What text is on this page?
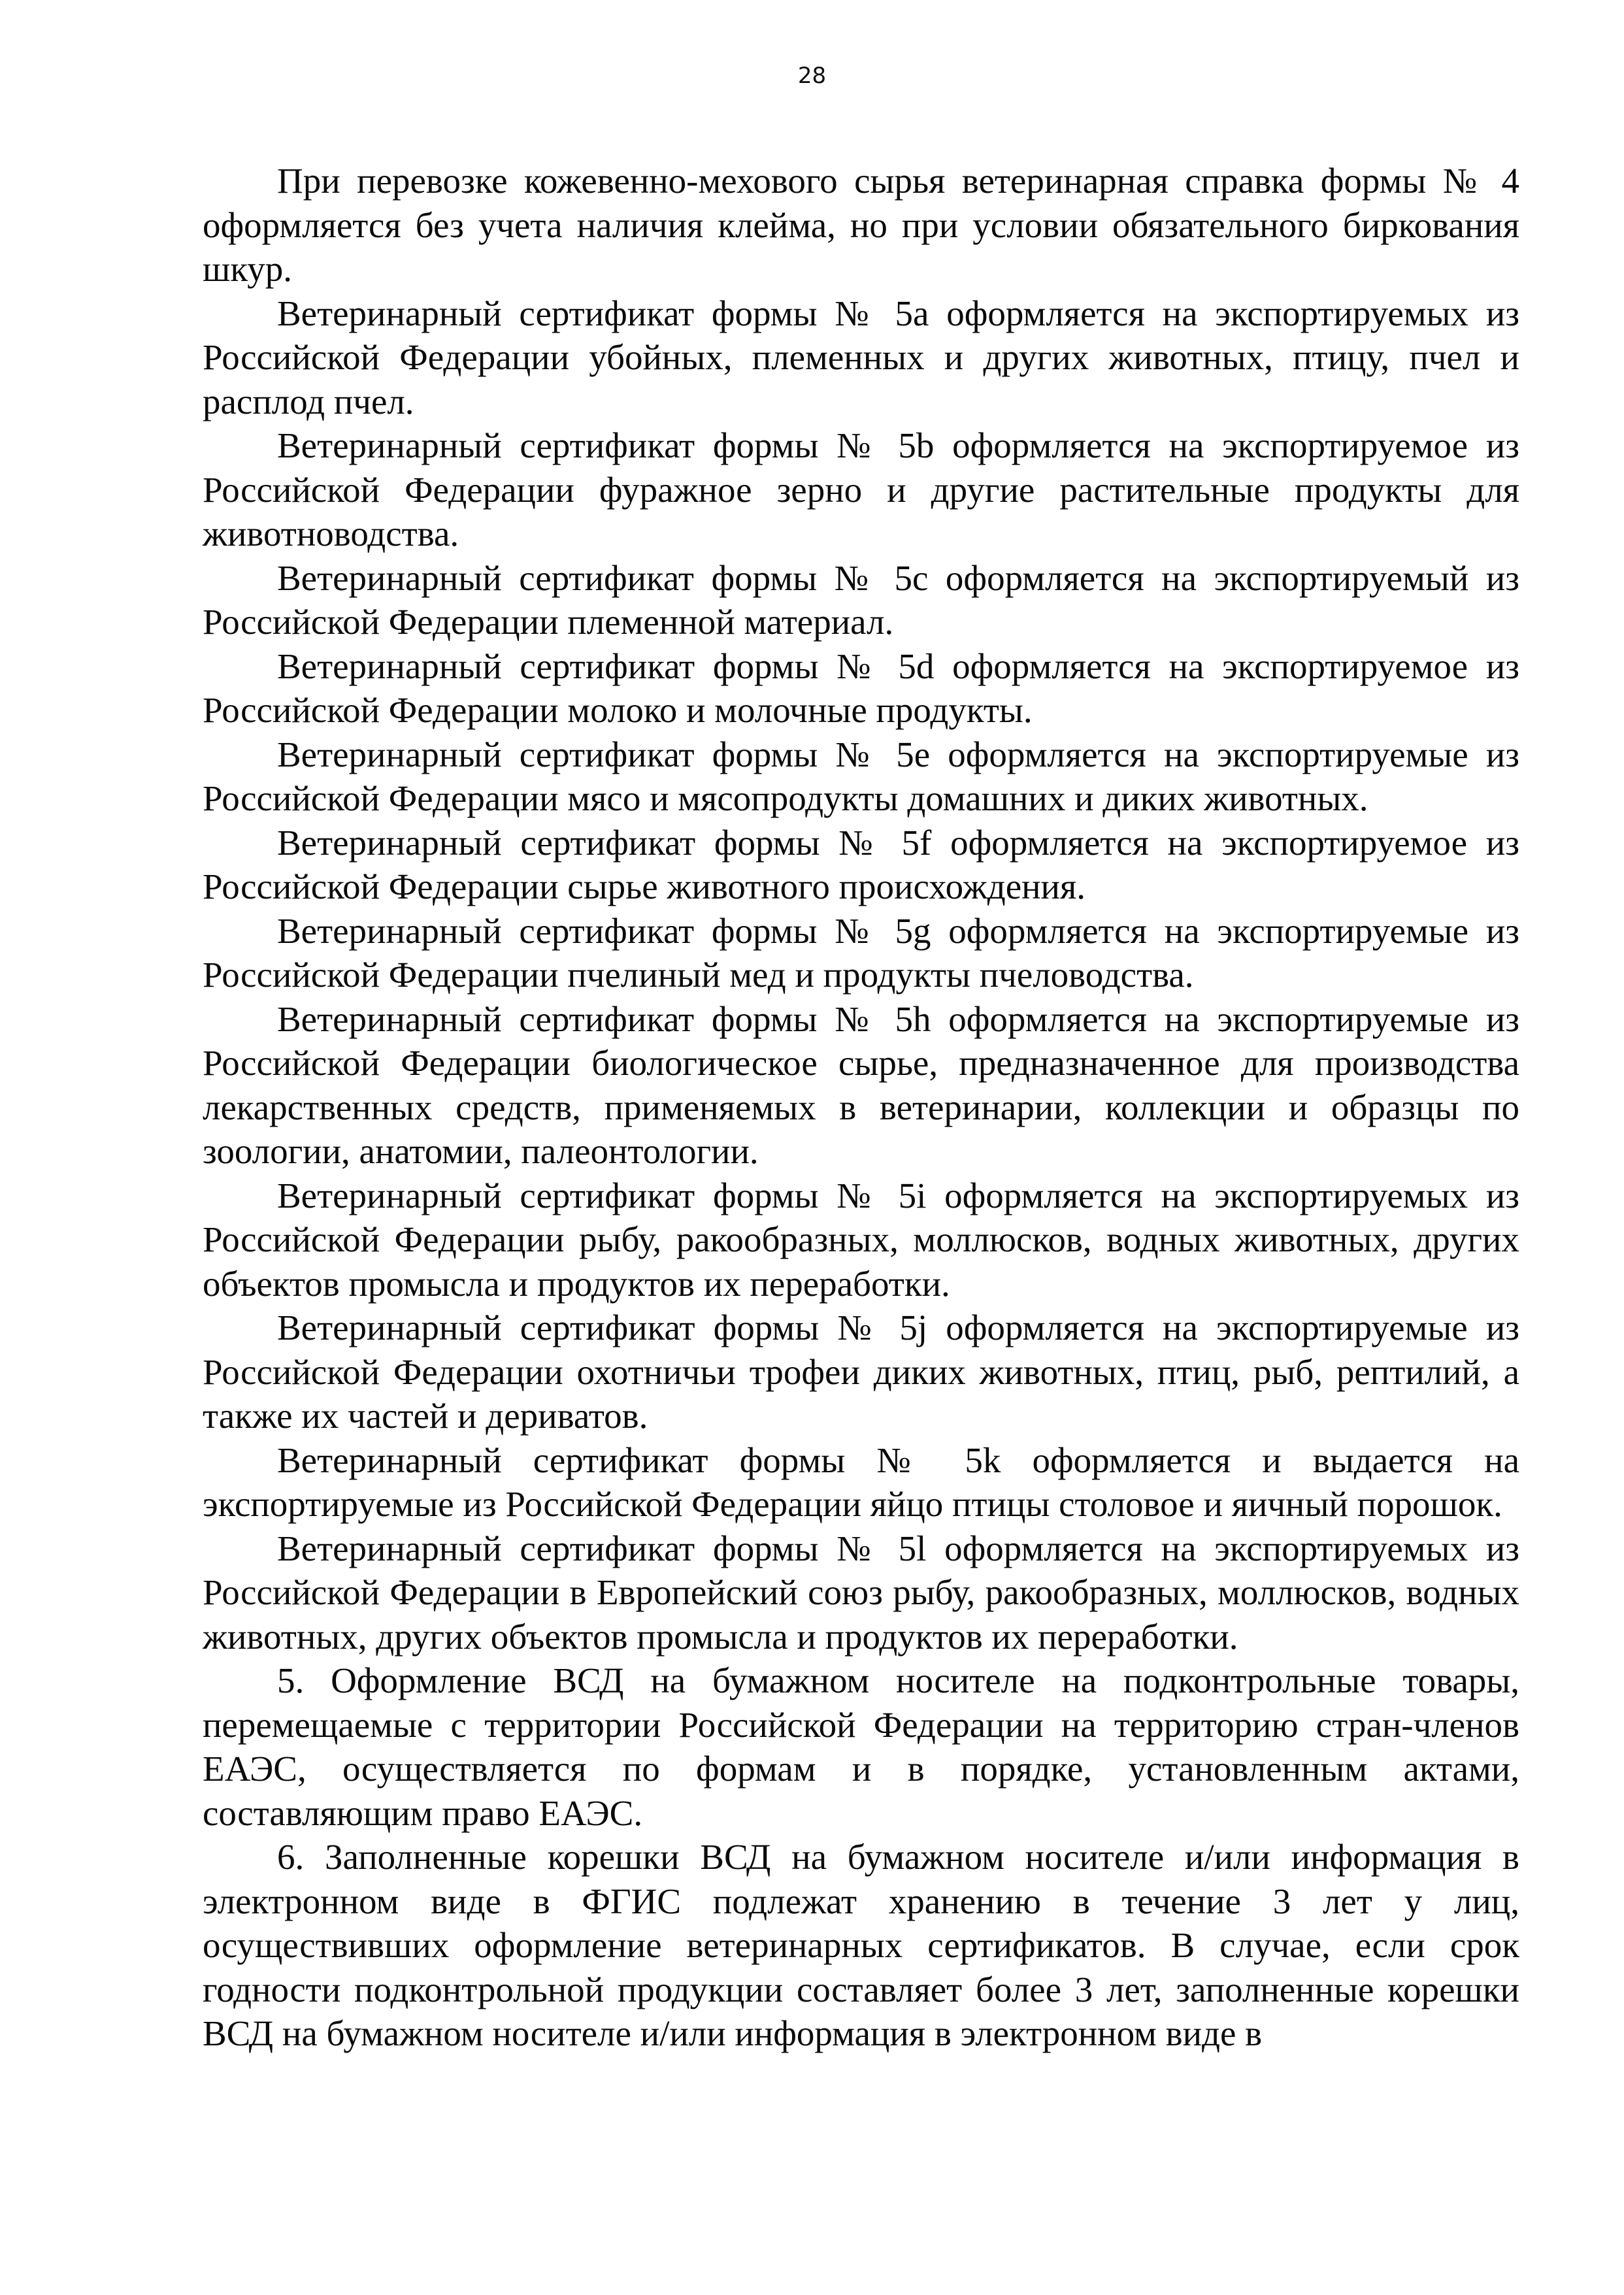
28

При перевозке кожевенно-мехового сырья ветеринарная справка формы № 4 оформляется без учета наличия клейма, но при условии обязательного биркования шкур.

Ветеринарный сертификат формы № 5a оформляется на экспортируемых из Российской Федерации убойных, племенных и других животных, птицу, пчел и расплод пчел.

Ветеринарный сертификат формы № 5b оформляется на экспортируемое из Российской Федерации фуражное зерно и другие растительные продукты для животноводства.

Ветеринарный сертификат формы № 5c оформляется на экспортируемый из Российской Федерации племенной материал.

Ветеринарный сертификат формы № 5d оформляется на экспортируемое из Российской Федерации молоко и молочные продукты.

Ветеринарный сертификат формы № 5e оформляется на экспортируемые из Российской Федерации мясо и мясопродукты домашних и диких животных.

Ветеринарный сертификат формы № 5f оформляется на экспортируемое из Российской Федерации сырье животного происхождения.

Ветеринарный сертификат формы № 5g оформляется на экспортируемые из Российской Федерации пчелиный мед и продукты пчеловодства.

Ветеринарный сертификат формы № 5h оформляется на экспортируемые из Российской Федерации биологическое сырье, предназначенное для производства лекарственных средств, применяемых в ветеринарии, коллекции и образцы по зоологии, анатомии, палеонтологии.

Ветеринарный сертификат формы № 5i оформляется на экспортируемых из Российской Федерации рыбу, ракообразных, моллюсков, водных животных, других объектов промысла и продуктов их переработки.

Ветеринарный сертификат формы № 5j оформляется на экспортируемые из Российской Федерации охотничьи трофеи диких животных, птиц, рыб, рептилий, а также их частей и дериватов.

Ветеринарный сертификат формы № 5k оформляется и выдается на экспортируемые из Российской Федерации яйцо птицы столовое и яичный порошок.

Ветеринарный сертификат формы № 5l оформляется на экспортируемых из Российской Федерации в Европейский союз рыбу, ракообразных, моллюсков, водных животных, других объектов промысла и продуктов их переработки.

5. Оформление ВСД на бумажном носителе на подконтрольные товары, перемещаемые с территории Российской Федерации на территорию стран-членов ЕАЭС, осуществляется по формам и в порядке, установленным актами, составляющим право ЕАЭС.

6. Заполненные корешки ВСД на бумажном носителе и/или информация в электронном виде в ФГИС подлежат хранению в течение 3 лет у лиц, осуществивших оформление ветеринарных сертификатов. В случае, если срок годности подконтрольной продукции составляет более 3 лет, заполненные корешки ВСД на бумажном носителе и/или информация в электронном виде в
